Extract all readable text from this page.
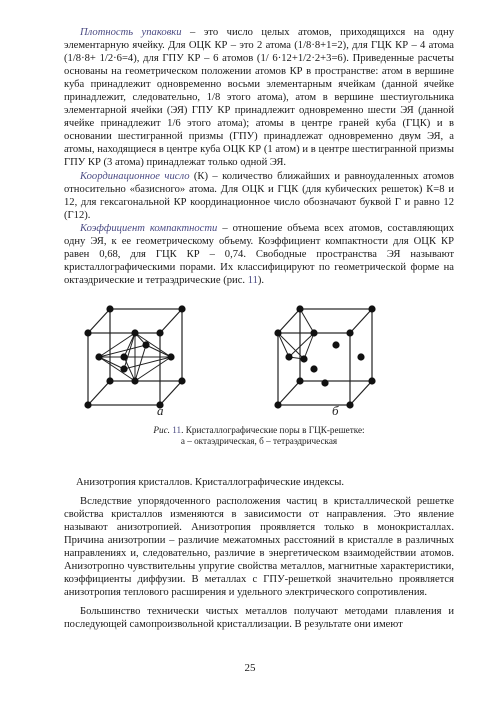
Плотность упаковки – это число целых атомов, приходящихся на одну элементарную ячейку. Для ОЦК КР – это 2 атома (1/8·8+1=2), для ГЦК КР – 4 атома (1/8·8+ 1/2·6=4), для ГПУ КР – 6 атомов (1/ 6·12+1/2·2+3=6). Приведенные расчеты основаны на геометрическом положении атомов КР в пространстве: атом в вершине куба принадлежит одновременно восьми элементарным ячейкам (данной ячейке принадлежит, следовательно, 1/8 этого атома), атом в вершине шестиугольника элементарной ячейки (ЭЯ) ГПУ КР принадлежит одновременно шести ЭЯ (данной ячейке принадлежит 1/6 этого атома); атомы в центре граней куба (ГЦК) и в основании шестигранной призмы (ГПУ) принадлежат одновременно двум ЭЯ, а атомы, находящиеся в центре куба ОЦК КР (1 атом) и в центре шестигранной призмы ГПУ КР (3 атома) принадлежат только одной ЭЯ.

Координационное число (К) – количество ближайших и равноудаленных атомов относительно «базисного» атома. Для ОЦК и ГЦК (для кубических решеток) К=8 и 12, для гексагональной КР координационное число обозначают буквой Г и равно 12 (Г12).

Коэффициент компактности – отношение объема всех атомов, составляющих одну ЭЯ, к ее геометрическому объему. Коэффициент компактности для ОЦК КР равен 0,68, для ГЦК КР – 0,74. Свободные пространства ЭЯ называют кристаллографическими порами. Их классифицируют по геометрической форме на октаэдрические и тетраэдрические (рис. 11).

а	б
Рис. 11. Кристаллографические поры в ГЦК-решетке:
а – октаэдрическая, б – тетраэдрическая

Анизотропия кристаллов. Кристаллографические индексы.

Вследствие упорядоченного расположения частиц в кристаллической решетке свойства кристаллов изменяются в зависимости от направления. Это явление называют анизотропией. Анизотропия проявляется только в монокристаллах. Причина анизотропии – различие межатомных расстояний в кристалле в различных направлениях и, следовательно, различие в энергетическом взаимодействии атомов. Анизотропно чувствительны упругие свойства металлов, магнитные характеристики, коэффициенты диффузии. В металлах с ГПУ-решеткой значительно проявляется анизотропия теплового расширения и удельного электрического сопротивления.

Большинство технически чистых металлов получают методами плавления и последующей самопроизвольной кристаллизации. В результате они имеют

25
